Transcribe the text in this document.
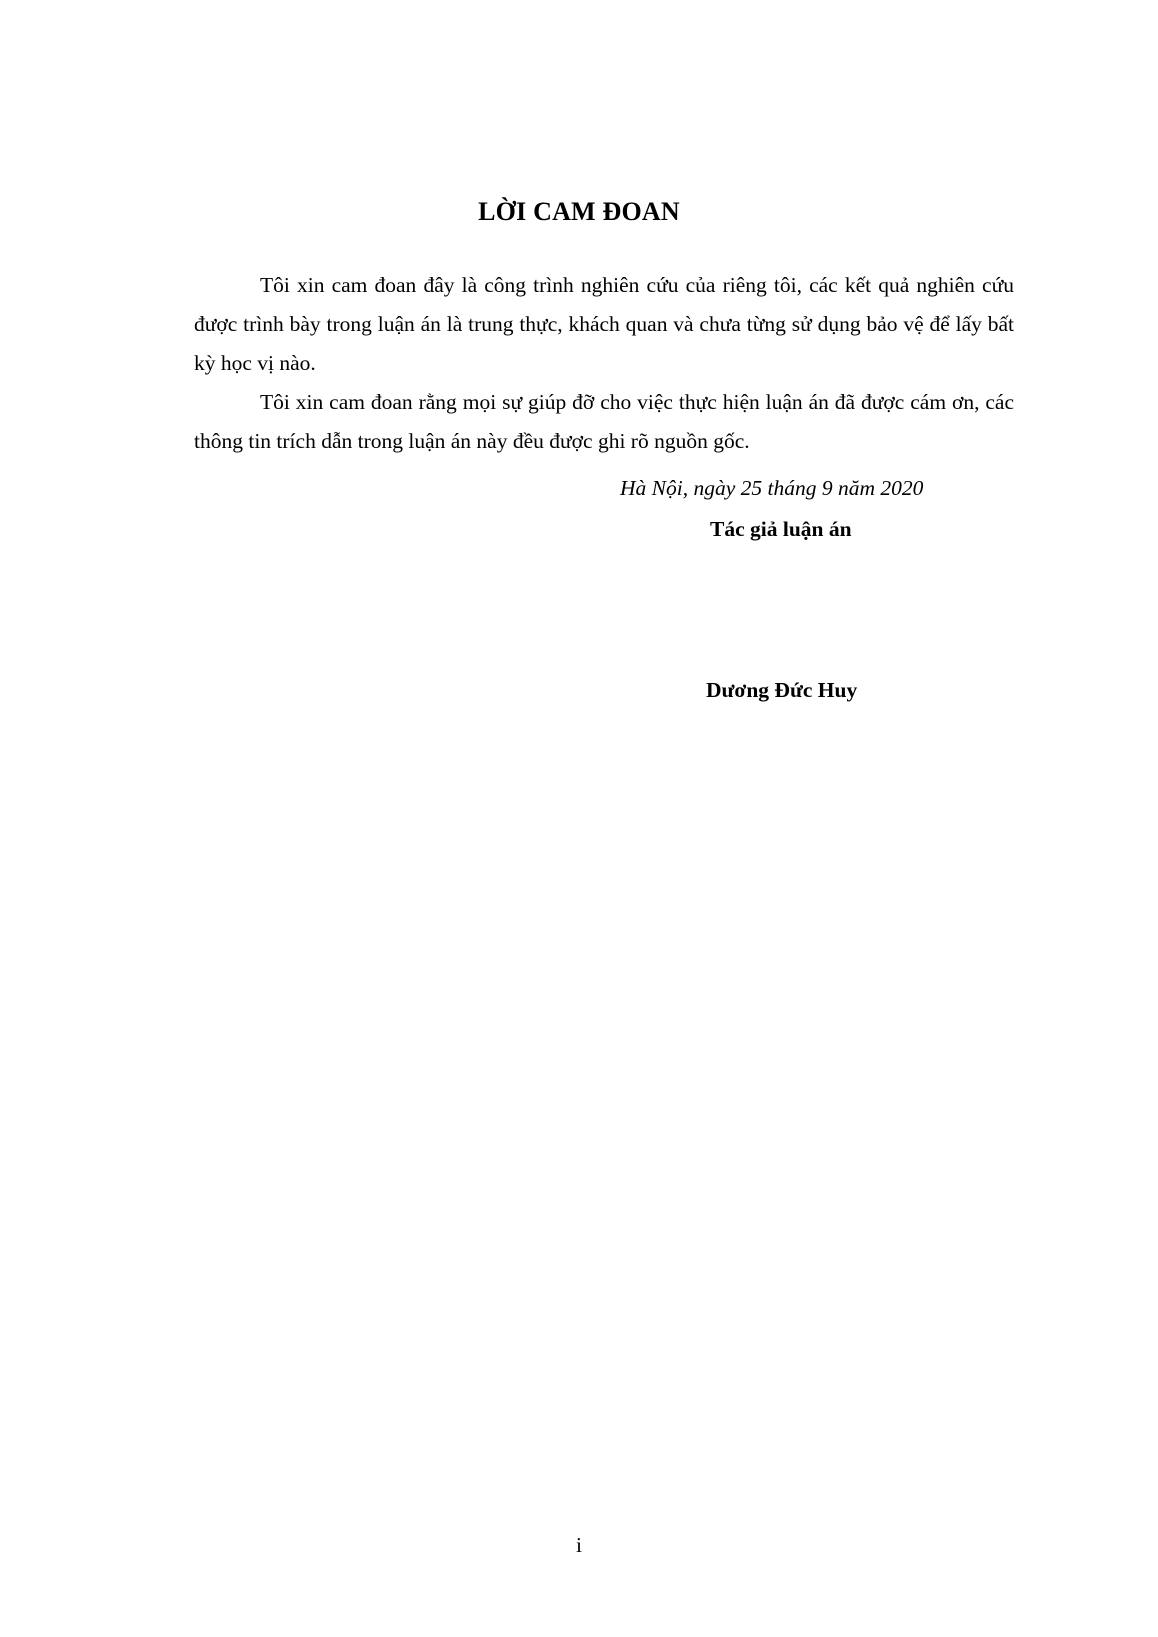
LỜI CAM ĐOAN

Tôi xin cam đoan đây là công trình nghiên cứu của riêng tôi, các kết quả nghiên cứu được trình bày trong luận án là trung thực, khách quan và chưa từng sử dụng bảo vệ để lấy bất kỳ học vị nào.

Tôi xin cam đoan rằng mọi sự giúp đỡ cho việc thực hiện luận án đã được cám ơn, các thông tin trích dẫn trong luận án này đều được ghi rõ nguồn gốc.

Hà Nội, ngày 25 tháng 9 năm 2020
Tác giả luận án
Dương Đức Huy
i
